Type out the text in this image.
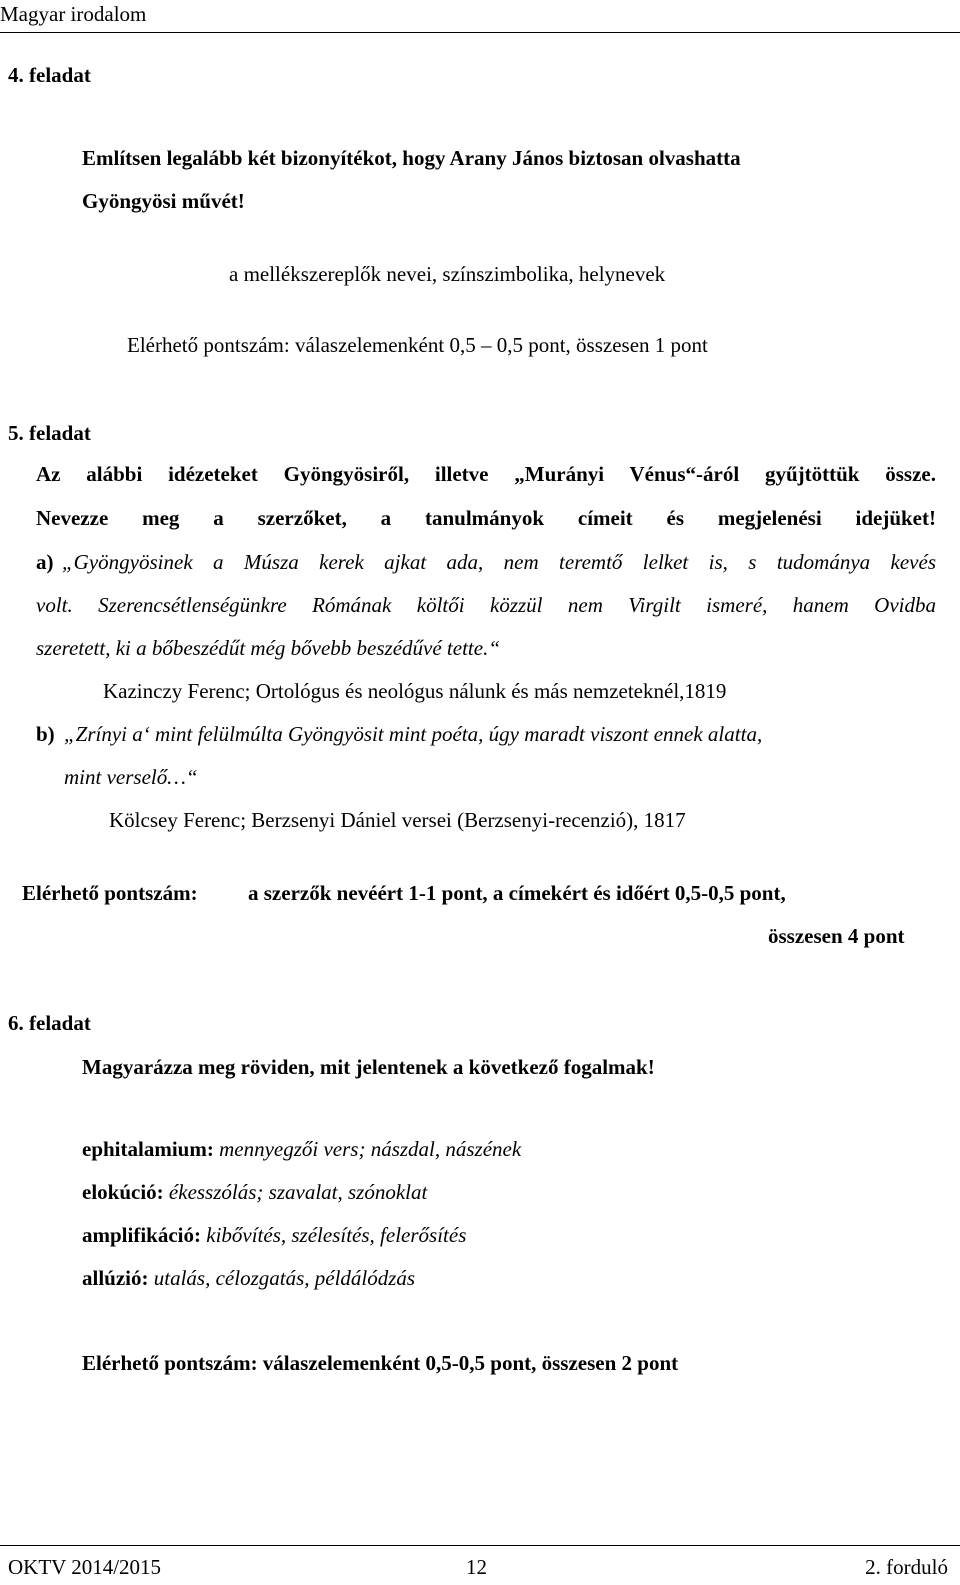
Magyar irodalom
4. feladat
Említsen legalább két bizonyítékot, hogy Arany János biztosan olvashatta
Gyöngyösi művét!
a mellékszereplők nevei, színszimbolika, helynevek
Elérhető pontszám: válaszelemenként 0,5 – 0,5 pont, összesen 1 pont
5. feladat
Az alábbi idézeteket Gyöngyösiről, illetve „Murányi Vénus“-áról gyűjtöttük össze.
Nevezze meg a szerzőket, a tanulmányok címeit és megjelenési idejüket!
a) „Gyöngyösinek a Músza kerek ajkat ada, nem teremtő lelket is, s tudománya kevés
volt. Szerencsétlenségünkre Rómának költői közzül nem Virgilt ismeré, hanem Ovidba
szeretett, ki a bőbeszédűt még bővebb beszédűvé tette.“
Kazinczy Ferenc; Ortológus és neológus nálunk és más nemzeteknél,1819
b) „Zrínyi a‘ mint felülmúlta Gyöngyösit mint poéta, úgy maradt viszont ennek alatta,
mint verselő…“
Kölcsey Ferenc; Berzsenyi Dániel versei (Berzsenyi-recenzió), 1817
Elérhető pontszám: a szerzők nevéért 1-1 pont, a címekért és időért 0,5-0,5 pont,
összesen 4 pont
6. feladat
Magyarázza meg röviden, mit jelentenek a következő fogalmak!
ephitalamium: mennyegzői vers; nászdal, nászének
elokúció: ékesszólás; szavalat, szónoklat
amplifikáció: kibővítés, szélesítés, felerősítés
allúzió: utalás, célozgatás, példálódzás
Elérhető pontszám: válaszelemenként 0,5-0,5 pont, összesen 2 pont
OKTV 2014/2015	12	2. forduló
